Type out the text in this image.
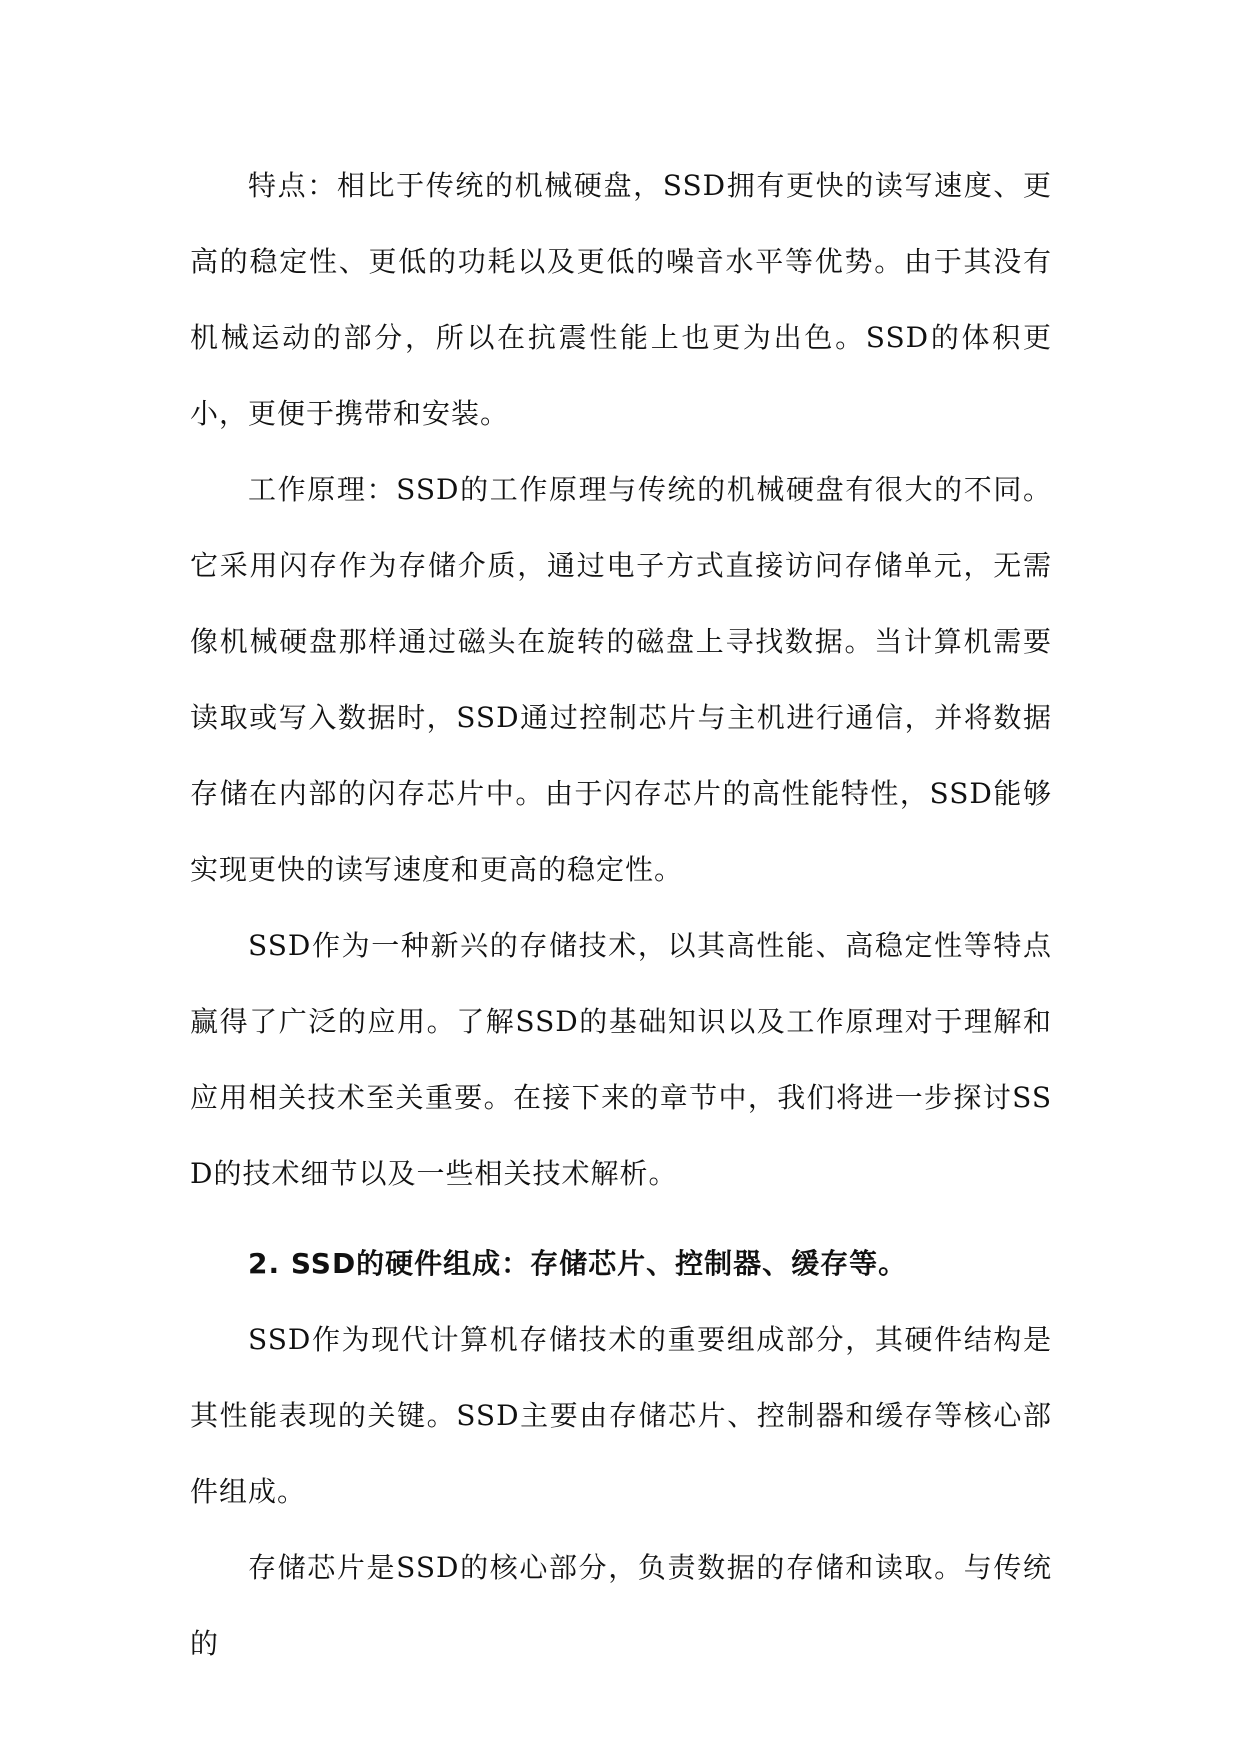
特点：相比于传统的机械硬盘，SSD拥有更快的读写速度、更高的稳定性、更低的功耗以及更低的噪音水平等优势。由于其没有机械运动的部分，所以在抗震性能上也更为出色。SSD的体积更小，更便于携带和安装。

工作原理：SSD的工作原理与传统的机械硬盘有很大的不同。它采用闪存作为存储介质，通过电子方式直接访问存储单元，无需像机械硬盘那样通过磁头在旋转的磁盘上寻找数据。当计算机需要读取或写入数据时，SSD通过控制芯片与主机进行通信，并将数据存储在内部的闪存芯片中。由于闪存芯片的高性能特性，SSD能够实现更快的读写速度和更高的稳定性。

SSD作为一种新兴的存储技术，以其高性能、高稳定性等特点赢得了广泛的应用。了解SSD的基础知识以及工作原理对于理解和应用相关技术至关重要。在接下来的章节中，我们将进一步探讨SSD的技术细节以及一些相关技术解析。

2. SSD的硬件组成：存储芯片、控制器、缓存等。

SSD作为现代计算机存储技术的重要组成部分，其硬件结构是其性能表现的关键。SSD主要由存储芯片、控制器和缓存等核心部件组成。

存储芯片是SSD的核心部分，负责数据的存储和读取。与传统的
